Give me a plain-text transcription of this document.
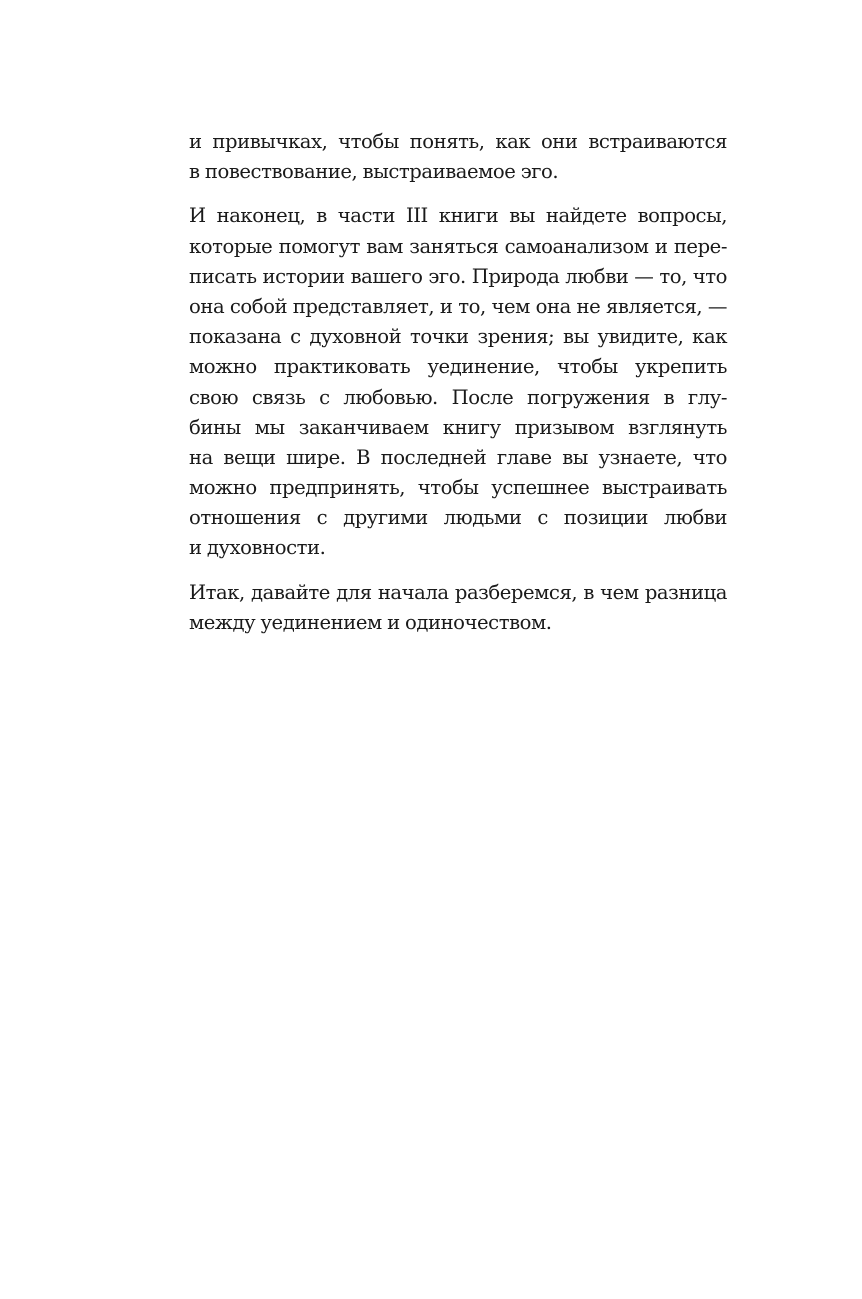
и привычках, чтобы понять, как они встраиваются
в повествование, выстраиваемое эго.

И наконец, в части III книги вы найдете вопросы,
которые помогут вам заняться самоанализом и пере-
писать истории вашего эго. Природа любви — то, что
она собой представляет, и то, чем она не является, —
показана с духовной точки зрения; вы увидите, как
можно практиковать уединение, чтобы укрепить
свою связь с любовью. После погружения в глу-
бины мы заканчиваем книгу призывом взглянуть
на вещи шире. В последней главе вы узнаете, что
можно предпринять, чтобы успешнее выстраивать
отношения с другими людьми с позиции любви
и духовности.

Итак, давайте для начала разберемся, в чем разница
между уединением и одиночеством.
